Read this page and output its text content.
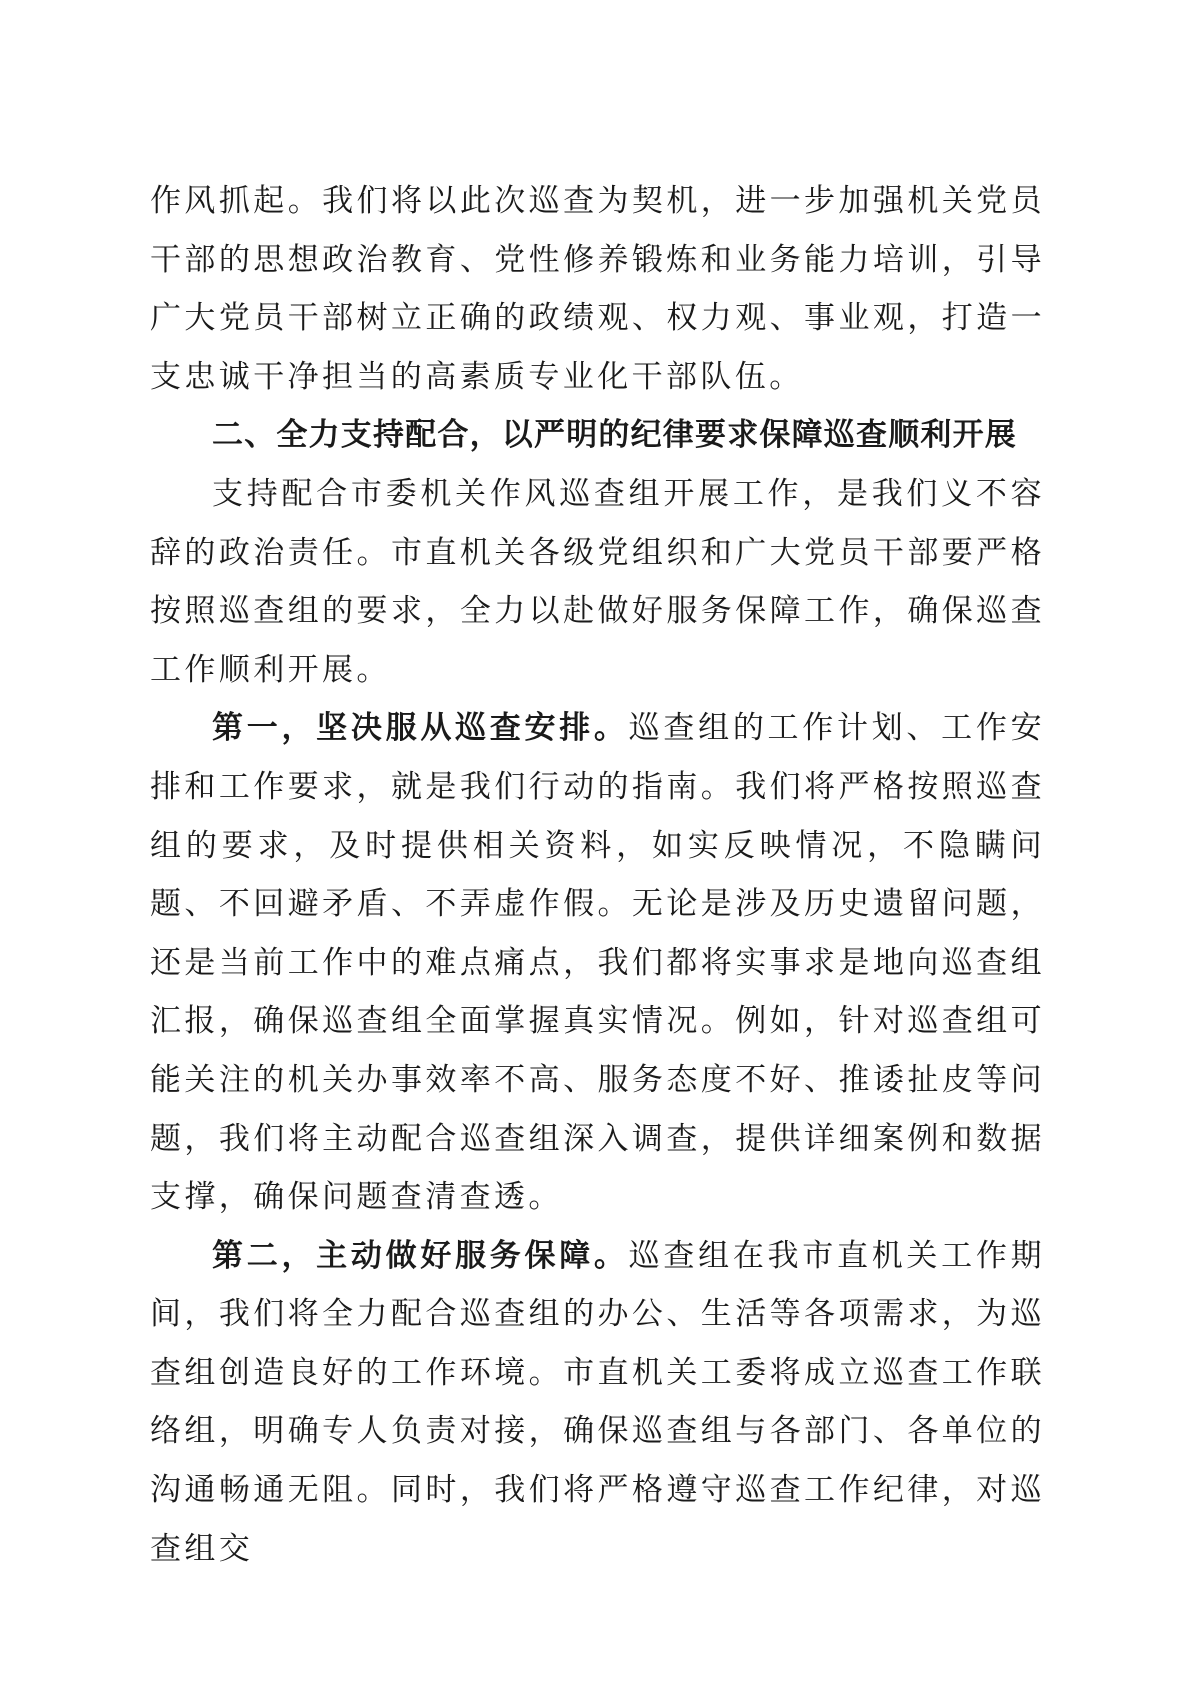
作风抓起。我们将以此次巡查为契机，进一步加强机关党员干部的思想政治教育、党性修养锻炼和业务能力培训，引导广大党员干部树立正确的政绩观、权力观、事业观，打造一支忠诚干净担当的高素质专业化干部队伍。

二、全力支持配合，以严明的纪律要求保障巡查顺利开展

支持配合市委机关作风巡查组开展工作，是我们义不容辞的政治责任。市直机关各级党组织和广大党员干部要严格按照巡查组的要求，全力以赴做好服务保障工作，确保巡查工作顺利开展。

第一，坚决服从巡查安排。巡查组的工作计划、工作安排和工作要求，就是我们行动的指南。我们将严格按照巡查组的要求，及时提供相关资料，如实反映情况，不隐瞒问题、不回避矛盾、不弄虚作假。无论是涉及历史遗留问题，还是当前工作中的难点痛点，我们都将实事求是地向巡查组汇报，确保巡查组全面掌握真实情况。例如，针对巡查组可能关注的机关办事效率不高、服务态度不好、推诿扯皮等问题，我们将主动配合巡查组深入调查，提供详细案例和数据支撑，确保问题查清查透。

第二，主动做好服务保障。巡查组在我市直机关工作期间，我们将全力配合巡查组的办公、生活等各项需求，为巡查组创造良好的工作环境。市直机关工委将成立巡查工作联络组，明确专人负责对接，确保巡查组与各部门、各单位的沟通畅通无阻。同时，我们将严格遵守巡查工作纪律，对巡查组交
